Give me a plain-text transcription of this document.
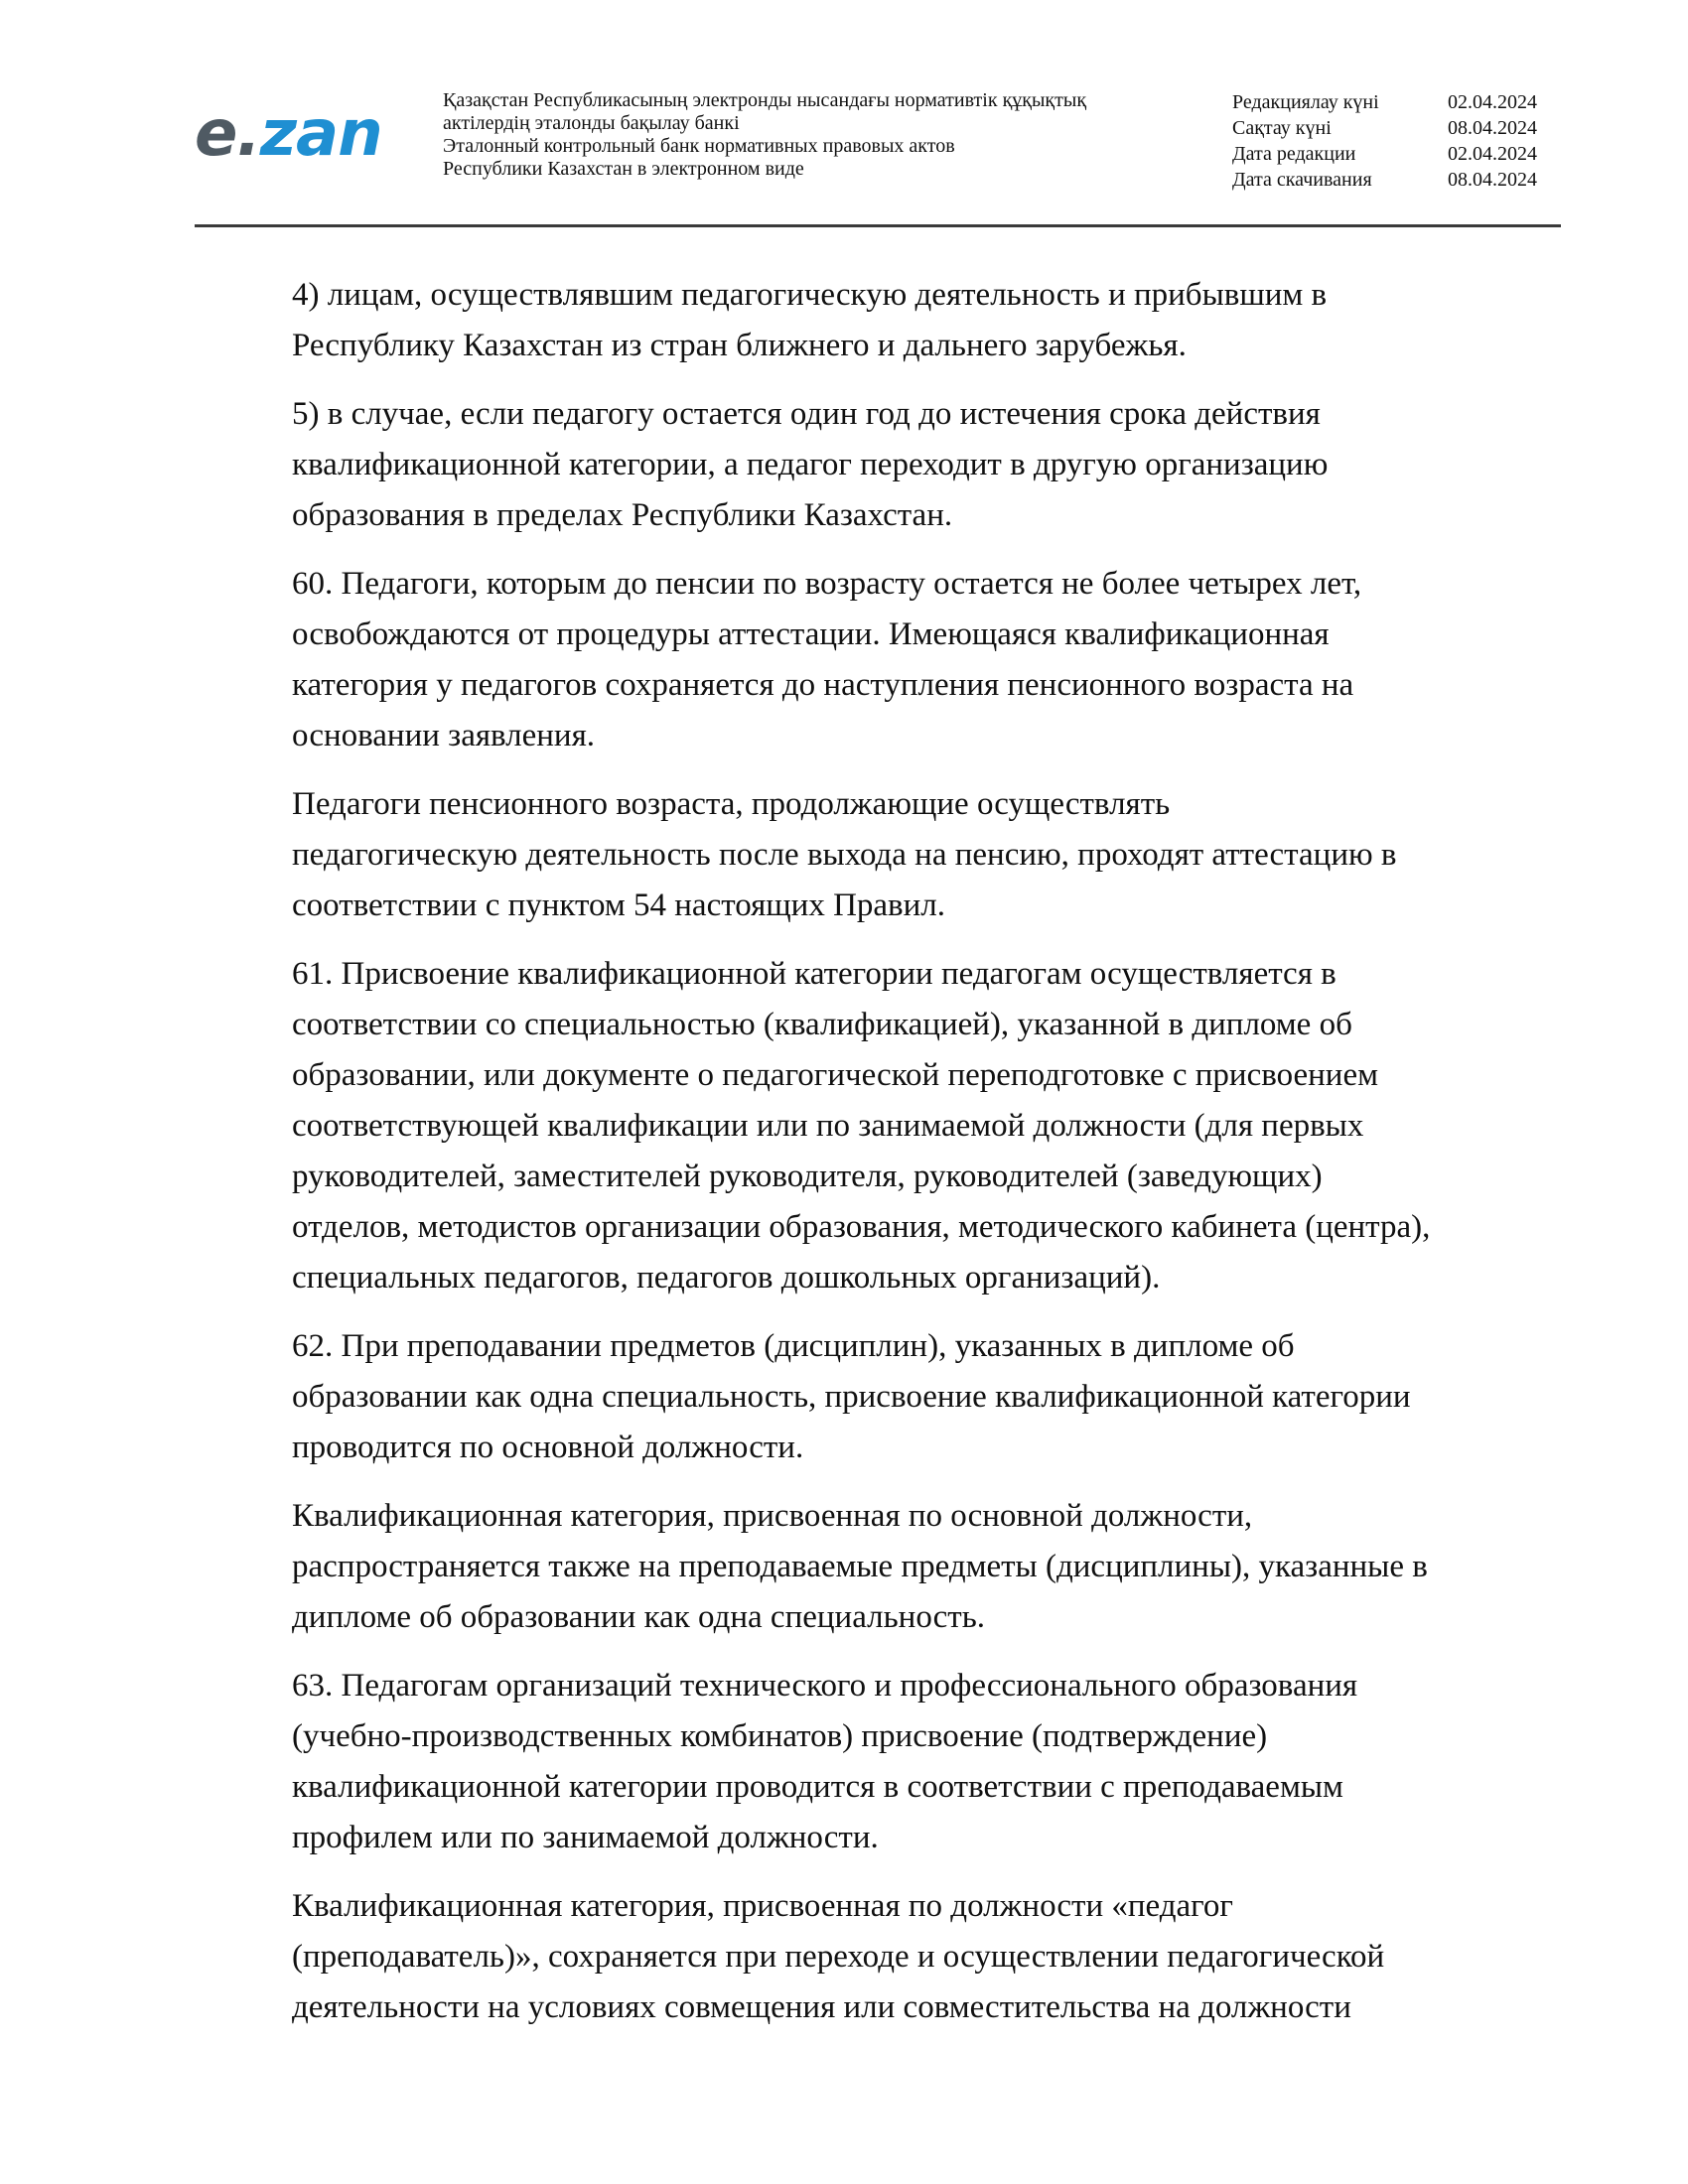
e . zan	Қазақстан Республикасының электронды нысандағы нормативтік құқықтық
актілердің эталонды бақылау банкі
Эталонный контрольный банк нормативных правовых актов
Республики Казахстан в электронном виде
Редакциялау күні	02.04.2024
Сақтау күні	08.04.2024
Дата редакции	02.04.2024
Дата скачивания	08.04.2024

4) лицам, осуществлявшим педагогическую деятельность и прибывшим в
Республику Казахстан из стран ближнего и дальнего зарубежья.

5) в случае, если педагогу остается один год до истечения срока действия
квалификационной категории, а педагог переходит в другую организацию
образования в пределах Республики Казахстан.

60. Педагоги, которым до пенсии по возрасту остается не более четырех лет,
освобождаются от процедуры аттестации. Имеющаяся квалификационная
категория у педагогов сохраняется до наступления пенсионного возраста на
основании заявления.

Педагоги пенсионного возраста, продолжающие осуществлять
педагогическую деятельность после выхода на пенсию, проходят аттестацию в
соответствии с пунктом 54 настоящих Правил.

61. Присвоение квалификационной категории педагогам осуществляется в
соответствии со специальностью (квалификацией), указанной в дипломе об
образовании, или документе о педагогической переподготовке с присвоением
соответствующей квалификации или по занимаемой должности (для первых
руководителей, заместителей руководителя, руководителей (заведующих)
отделов, методистов организации образования, методического кабинета (центра),
специальных педагогов, педагогов дошкольных организаций).

62. При преподавании предметов (дисциплин), указанных в дипломе об
образовании как одна специальность, присвоение квалификационной категории
проводится по основной должности.

Квалификационная категория, присвоенная по основной должности,
распространяется также на преподаваемые предметы (дисциплины), указанные в
дипломе об образовании как одна специальность.

63. Педагогам организаций технического и профессионального образования
(учебно-производственных комбинатов) присвоение (подтверждение)
квалификационной категории проводится в соответствии с преподаваемым
профилем или по занимаемой должности.

Квалификационная категория, присвоенная по должности «педагог
(преподаватель)», сохраняется при переходе и осуществлении педагогической
деятельности на условиях совмещения или совместительства на должности
